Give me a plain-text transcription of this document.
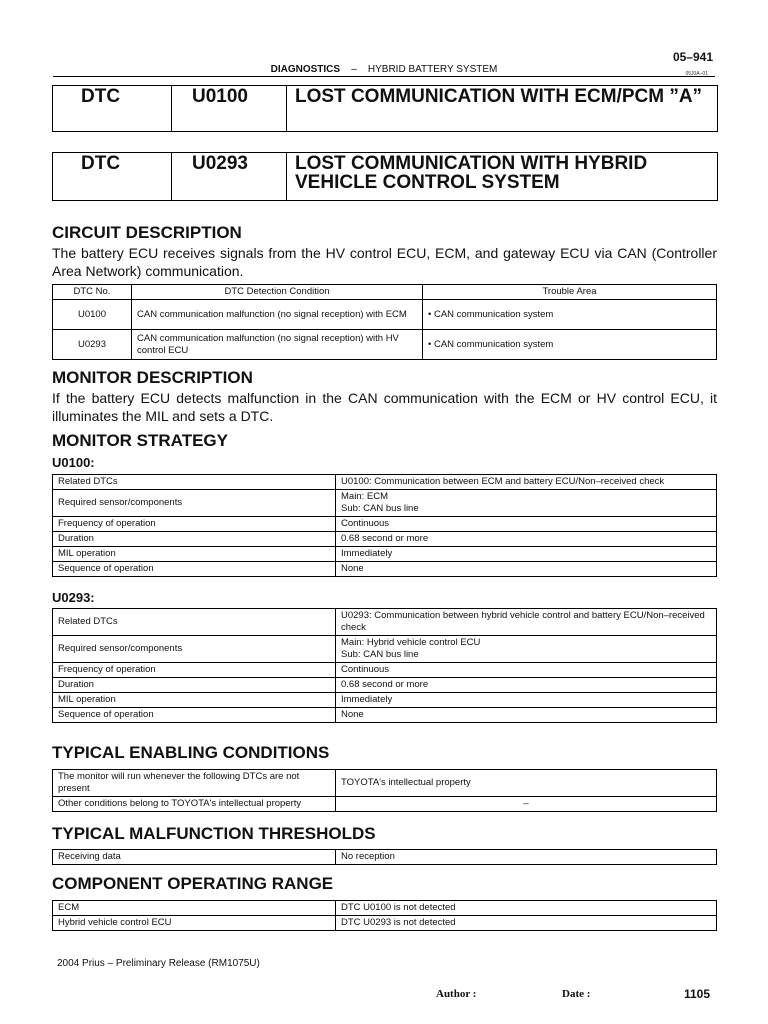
05–941
DIAGNOSTICS – HYBRID BATTERY SYSTEM	05J0A–01
DTC	U0100	LOST COMMUNICATION WITH ECM/PCM ”A”
DTC	U0293	LOST COMMUNICATION WITH HYBRID VEHICLE CONTROL SYSTEM
CIRCUIT DESCRIPTION
The battery ECU receives signals from the HV control ECU, ECM, and gateway ECU via CAN (Controller Area Network) communication.
DTC No.	DTC Detection Condition	Trouble Area
U0100	CAN communication malfunction (no signal reception) with ECM	• CAN communication system
U0293	CAN communication malfunction (no signal reception) with HV control ECU	• CAN communication system
MONITOR DESCRIPTION
If the battery ECU detects malfunction in the CAN communication with the ECM or HV control ECU, it illuminates the MIL and sets a DTC.
MONITOR STRATEGY
U0100:
Related DTCs	U0100: Communication between ECM and battery ECU/Non–received check
Required sensor/components	Main: ECM
Sub: CAN bus line
Frequency of operation	Continuous
Duration	0.68 second or more
MIL operation	Immediately
Sequence of operation	None
U0293:
Related DTCs	U0293: Communication between hybrid vehicle control and battery ECU/Non–received check
Required sensor/components	Main: Hybrid vehicle control ECU
Sub: CAN bus line
Frequency of operation	Continuous
Duration	0.68 second or more
MIL operation	Immediately
Sequence of operation	None
TYPICAL ENABLING CONDITIONS
The monitor will run whenever the following DTCs are not present	TOYOTA's intellectual property
Other conditions belong to TOYOTA's intellectual property	–
TYPICAL MALFUNCTION THRESHOLDS
Receiving data	No reception
COMPONENT OPERATING RANGE
ECM	DTC U0100 is not detected
Hybrid vehicle control ECU	DTC U0293 is not detected
2004 Prius – Preliminary Release (RM1075U)
Author :	Date :	1105
